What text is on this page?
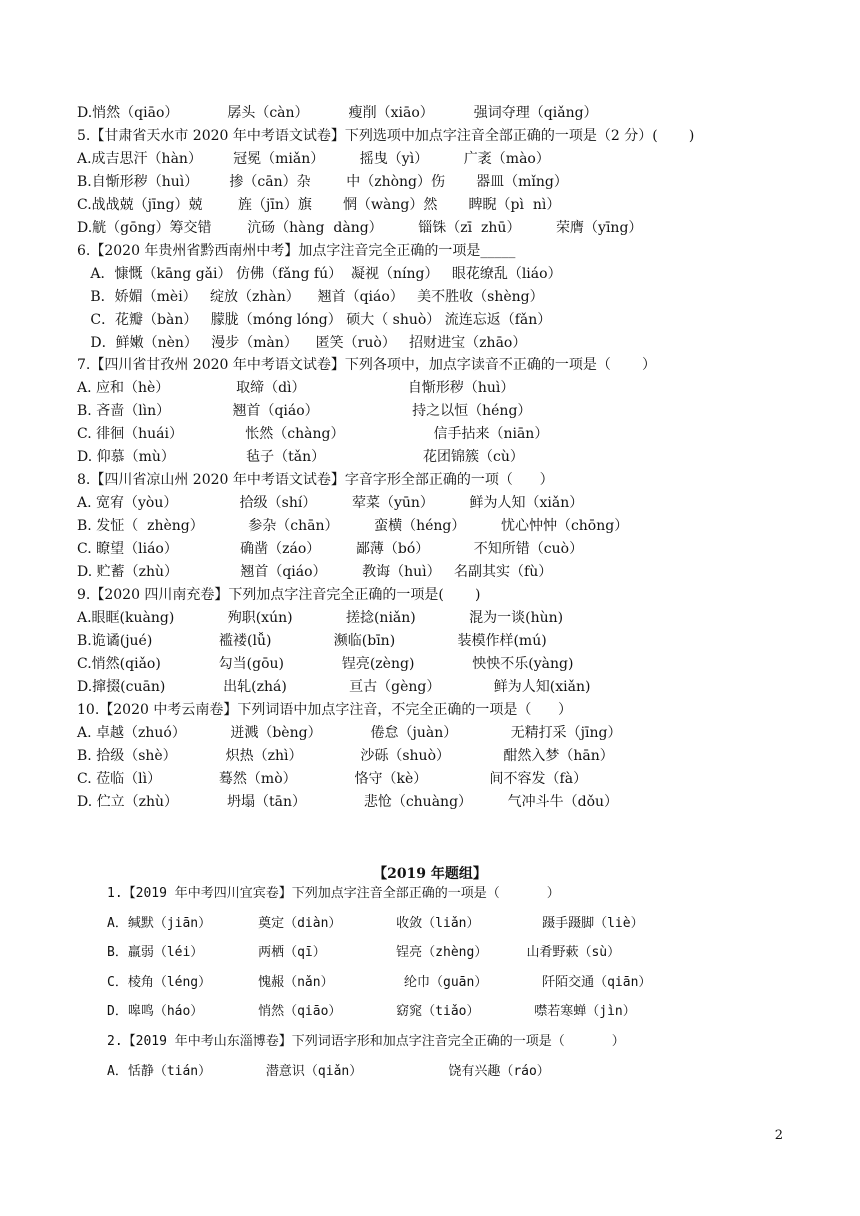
D.悄然（qiāo）           孱头（càn）         瘦削（xiāo）         强词夺理（qiǎng）
5.【甘肃省天水市 2020 年中考语文试卷】下列选项中加点字注音全部正确的一项是（2 分）(       )
A.成吉思汗（hàn）       冠冕（miǎn）        摇曳（yì）        广袤（mào）
B.自惭形秽（huì）       掺（cān）杂        中（zhòng）伤       器皿（mǐng）
C.战战兢（jīng）兢        旌（jīn）旗       惘（wàng）然       睥睨（pì  nì）
D.觥（gōng）筹交错        沆砀（hàng  dàng）        锱铢（zī  zhū）        荣膺（yīng）
6.【2020 年贵州省黔西南州中考】加点字注音完全正确的一项是_____
A．慷慨（kāng gǎi） 仿佛（fǎng fú）  凝视（níng）   眼花缭乱（liáo）
B．娇媚（mèi）   绽放（zhàn）    翘首（qiáo）   美不胜收（shèng）
C．花瓣（bàn）   朦胧（móng lóng） 硕大（ shuò） 流连忘返（fǎn）
D．鲜嫩（nèn）   漫步（màn）    匿笑（ruò）   招财进宝（zhāo）
7.【四川省甘孜州 2020 年中考语文试卷】下列各项中，加点字读音不正确的一项是（       ）
A. 应和（hè）               取缔（dì）                       自惭形秽（huì）
B. 吝啬（lìn）              翘首（qiáo）                     持之以恒（héng）
C. 徘徊（huái）              怅然（chàng）                    信手拈来（niān）
D. 仰慕（mù）                毡子（tǎn）                      花团锦簇（cù）
8.【四川省凉山州 2020 年中考语文试卷】字音字形全部正确的一项（      ）
A. 宽宥（yòu）              拾级（shí）        荤菜（yūn）        鲜为人知（xiǎn）
B. 发怔（  zhèng）          参杂（chān）        蛮横（héng）        忧心忡忡（chōng）
C. 瞭望（liáo）              确凿（záo）        鄙薄（bó）          不知所错（cuò）
D. 贮蓄（zhù）              翘首（qiáo）        教诲（huì）   名副其实（fù）
9.【2020 四川南充卷】下列加点字注音完全正确的一项是(       )
A.眼眶(kuàng)            殉职(xún)            搓捻(niǎn)            混为一谈(hùn)
B.诡谲(jué)               褴褛(lǚ)              濒临(bīn)              装模作样(mú)
C.悄然(qiǎo)             勾当(gōu)             锃亮(zèng)             怏怏不乐(yàng)
D.撺掇(cuān)             出轧(zhá)              亘古（gèng）            鲜为人知(xiǎn)
10.【2020 中考云南卷】下列词语中加点字注音，不完全正确的一项是（      ）
A. 卓越（zhuó）          迸溅（bèng）           倦怠（juàn）            无精打采（jīng）
B. 拾级（shè）           炽热（zhì）             沙砾（shuò）            酣然入梦（hān）
C. 莅临（lì）             蓦然（mò）             恪守（kè）              间不容发（fà）
D. 伫立（zhù）           坍塌（tān）             悲怆（chuàng）        气冲斗牛（dǒu）
【2019 年题组】
1.【2019 年中考四川宜宾卷】下列加点字注音全部正确的一项是（      ）
A．缄默（jiān）      奠定（diàn）       收敛（liǎn）        蹑手蹑脚（liè）
B．羸弱（léi）       两栖（qī）         锃亮（zhèng）     山肴野蔌（sù）
C．棱角（léng）      愧赧（nǎn）         纶巾（guān）       阡陌交通（qiān）
D．嗥鸣（háo）       悄然（qiāo）       窈窕（tiǎo）       噤若寒蝉（jìn）
2.【2019 年中考山东淄博卷】下列词语字形和加点字注音完全正确的一项是（      ）
A．恬静（tián）       潜意识（qiǎn）           饶有兴趣（ráo）
2
